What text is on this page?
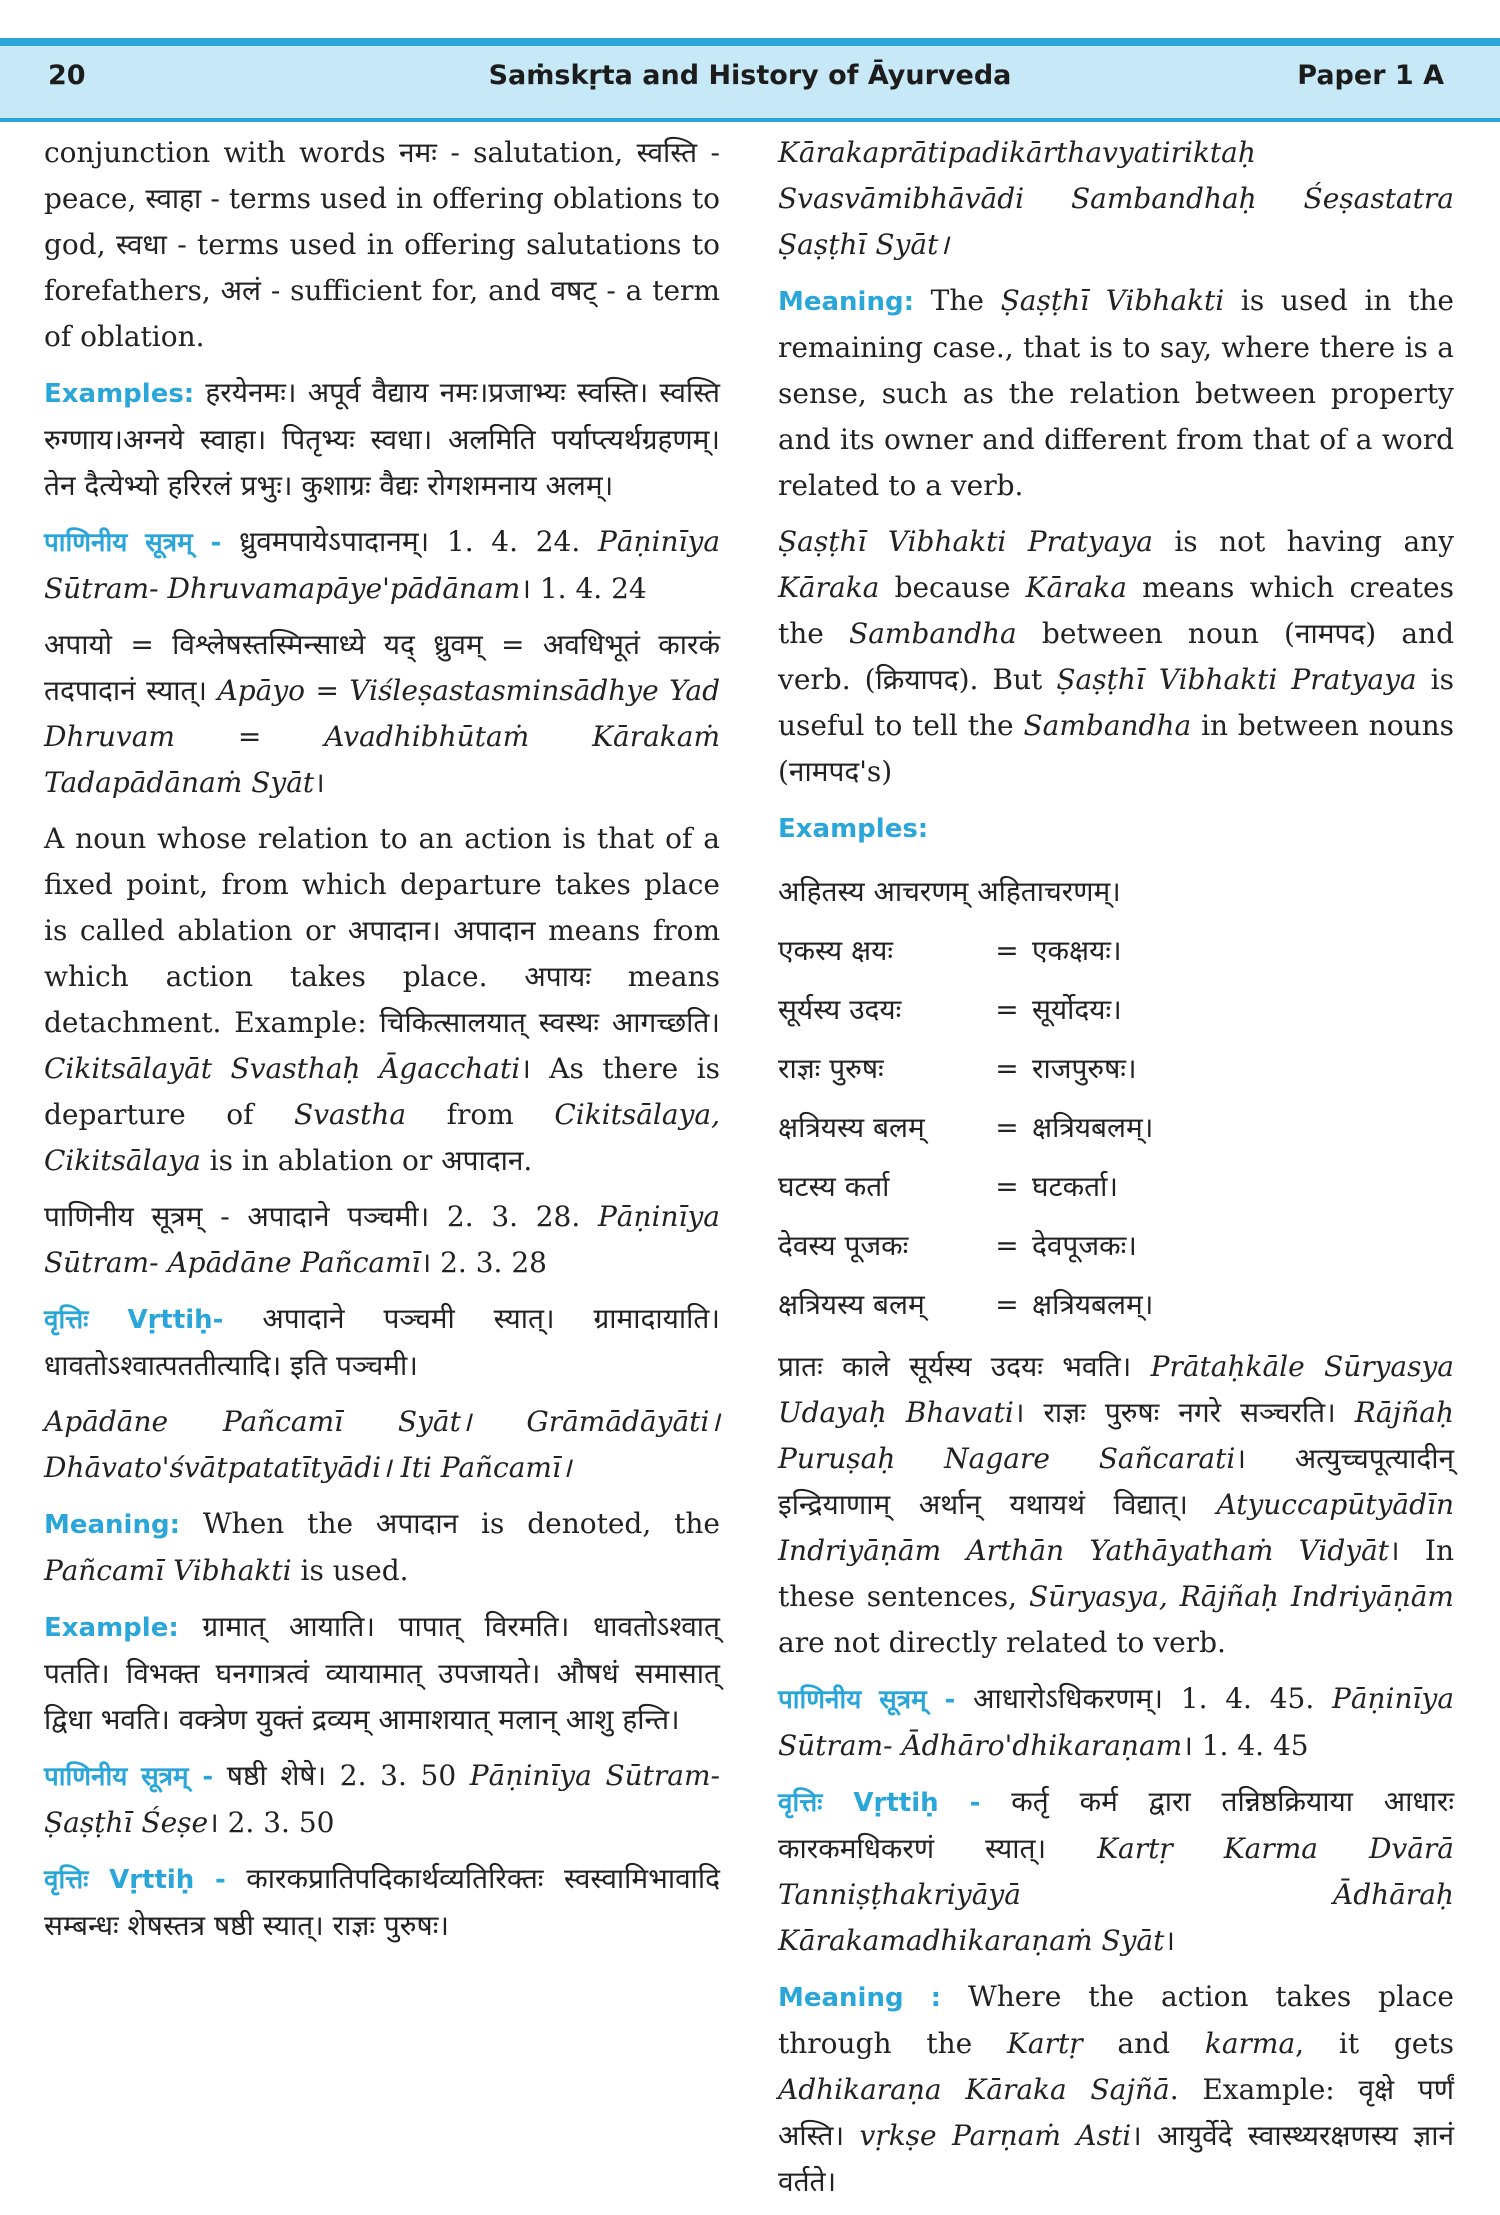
20	Saṁskṛta and History of Āyurveda	Paper 1 A

conjunction with words नमः - salutation, स्वस्ति - peace, स्वाहा - terms used in offering oblations to god, स्वधा - terms used in offering salutations to forefathers, अलं - sufficient for, and वषट् - a term of oblation.

Examples: हरयेनमः। अपूर्व वैद्याय नमः।प्रजाभ्यः स्वस्ति। स्वस्ति रुग्णाय।अग्नये स्वाहा। पितृभ्यः स्वधा। अलमिति पर्याप्त्यर्थग्रहणम्। तेन दैत्येभ्यो हरिरलं प्रभुः। कुशाग्रः वैद्यः रोगशमनाय अलम्।

पाणिनीय सूत्रम् - ध्रुवमपायेऽपादानम्। 1. 4. 24. Pāṇinīya Sūtram- Dhruvamapāye'pādānam। 1. 4. 24

अपायो = विश्लेषस्तस्मिन्साध्ये यद् ध्रुवम् = अवधिभूतं कारकं तदपादानं स्यात्। Apāyo = Viśleṣastasminsādhye Yad Dhruvam = Avadhibhūtaṁ Kārakaṁ Tadapādānaṁ Syāt।

A noun whose relation to an action is that of a fixed point, from which departure takes place is called ablation or अपादान। अपादान means from which action takes place. अपायः means detachment. Example: चिकित्सालयात् स्वस्थः आगच्छति। Cikitsālayāt Svasthaḥ Āgacchati। As there is departure of Svastha from Cikitsālaya, Cikitsālaya is in ablation or अपादान.

पाणिनीय सूत्रम् - अपादाने पञ्चमी। 2. 3. 28. Pāṇinīya Sūtram- Apādāne Pañcamī। 2. 3. 28

वृत्तिः Vṛttiḥ- अपादाने पञ्चमी स्यात्। ग्रामादायाति। धावतोऽश्वात्पततीत्यादि। इति पञ्चमी।

Apādāne Pañcamī Syāt। Grāmādāyāti। Dhāvato'śvātpatatītyādi। Iti Pañcamī।

Meaning: When the अपादान is denoted, the Pañcamī Vibhakti is used.

Example: ग्रामात् आयाति। पापात् विरमति। धावतोऽश्वात् पतति। विभक्त घनगात्रत्वं व्यायामात् उपजायते। औषधं समासात् द्विधा भवति। वक्त्रेण युक्तं द्रव्यम् आमाशयात् मलान् आशु हन्ति।

पाणिनीय सूत्रम् - षष्ठी शेषे। 2. 3. 50 Pāṇinīya Sūtram- Ṣaṣṭhī Śeṣe। 2. 3. 50

वृत्तिः Vṛttiḥ - कारकप्रातिपदिकार्थव्यतिरिक्तः स्वस्वामिभावादि सम्बन्धः शेषस्तत्र षष्ठी स्यात्। राज्ञः पुरुषः।

Kārakaprātipadikārthavyatiriktaḥ Svasvāmibhāvādi Sambandhaḥ Śeṣastatra Ṣaṣṭhī Syāt।

Meaning: The Ṣaṣṭhī Vibhakti is used in the remaining case., that is to say, where there is a sense, such as the relation between property and its owner and different from that of a word related to a verb.

Ṣaṣṭhī Vibhakti Pratyaya is not having any Kāraka because Kāraka means which creates the Sambandha between noun (नामपद) and verb. (क्रियापद). But Ṣaṣṭhī Vibhakti Pratyaya is useful to tell the Sambandha in between nouns (नामपद's)

Examples:

अहितस्य आचरणम् अहिताचरणम्।
एकस्य क्षयः	= एकक्षयः।
सूर्यस्य उदयः	= सूर्योदयः।
राज्ञः पुरुषः	= राजपुरुषः।
क्षत्रियस्य बलम्	= क्षत्रियबलम्।
घटस्य कर्ता	= घटकर्ता।
देवस्य पूजकः	= देवपूजकः।
क्षत्रियस्य बलम्	= क्षत्रियबलम्।

प्रातः काले सूर्यस्य उदयः भवति। Prātaḥkāle Sūryasya Udayaḥ Bhavati। राज्ञः पुरुषः नगरे सञ्चरति। Rājñaḥ Puruṣaḥ Nagare Sañcarati। अत्युच्चपूत्यादीन् इन्द्रियाणाम् अर्थान् यथायथं विद्यात्। Atyuccapūtyādīn Indriyāṇām Arthān Yathāyathaṁ Vidyāt। In these sentences, Sūryasya, Rājñaḥ Indriyāṇām are not directly related to verb.

पाणिनीय सूत्रम् - आधारोऽधिकरणम्। 1. 4. 45. Pāṇinīya Sūtram- Ādhāro'dhikaraṇam। 1. 4. 45

वृत्तिः Vṛttiḥ - कर्तृ कर्म द्वारा तन्निष्ठक्रियाया आधारः कारकमधिकरणं स्यात्। Kartṛ Karma Dvārā Tanniṣṭhakriyāyā Ādhāraḥ Kārakamadhikaraṇaṁ Syāt।

Meaning : Where the action takes place through the Kartṛ and karma, it gets Adhikaraṇa Kāraka Sajñā. Example: वृक्षे पर्णं अस्ति। vṛkṣe Parṇaṁ Asti। आयुर्वेदे स्वास्थ्यरक्षणस्य ज्ञानं वर्तते।
